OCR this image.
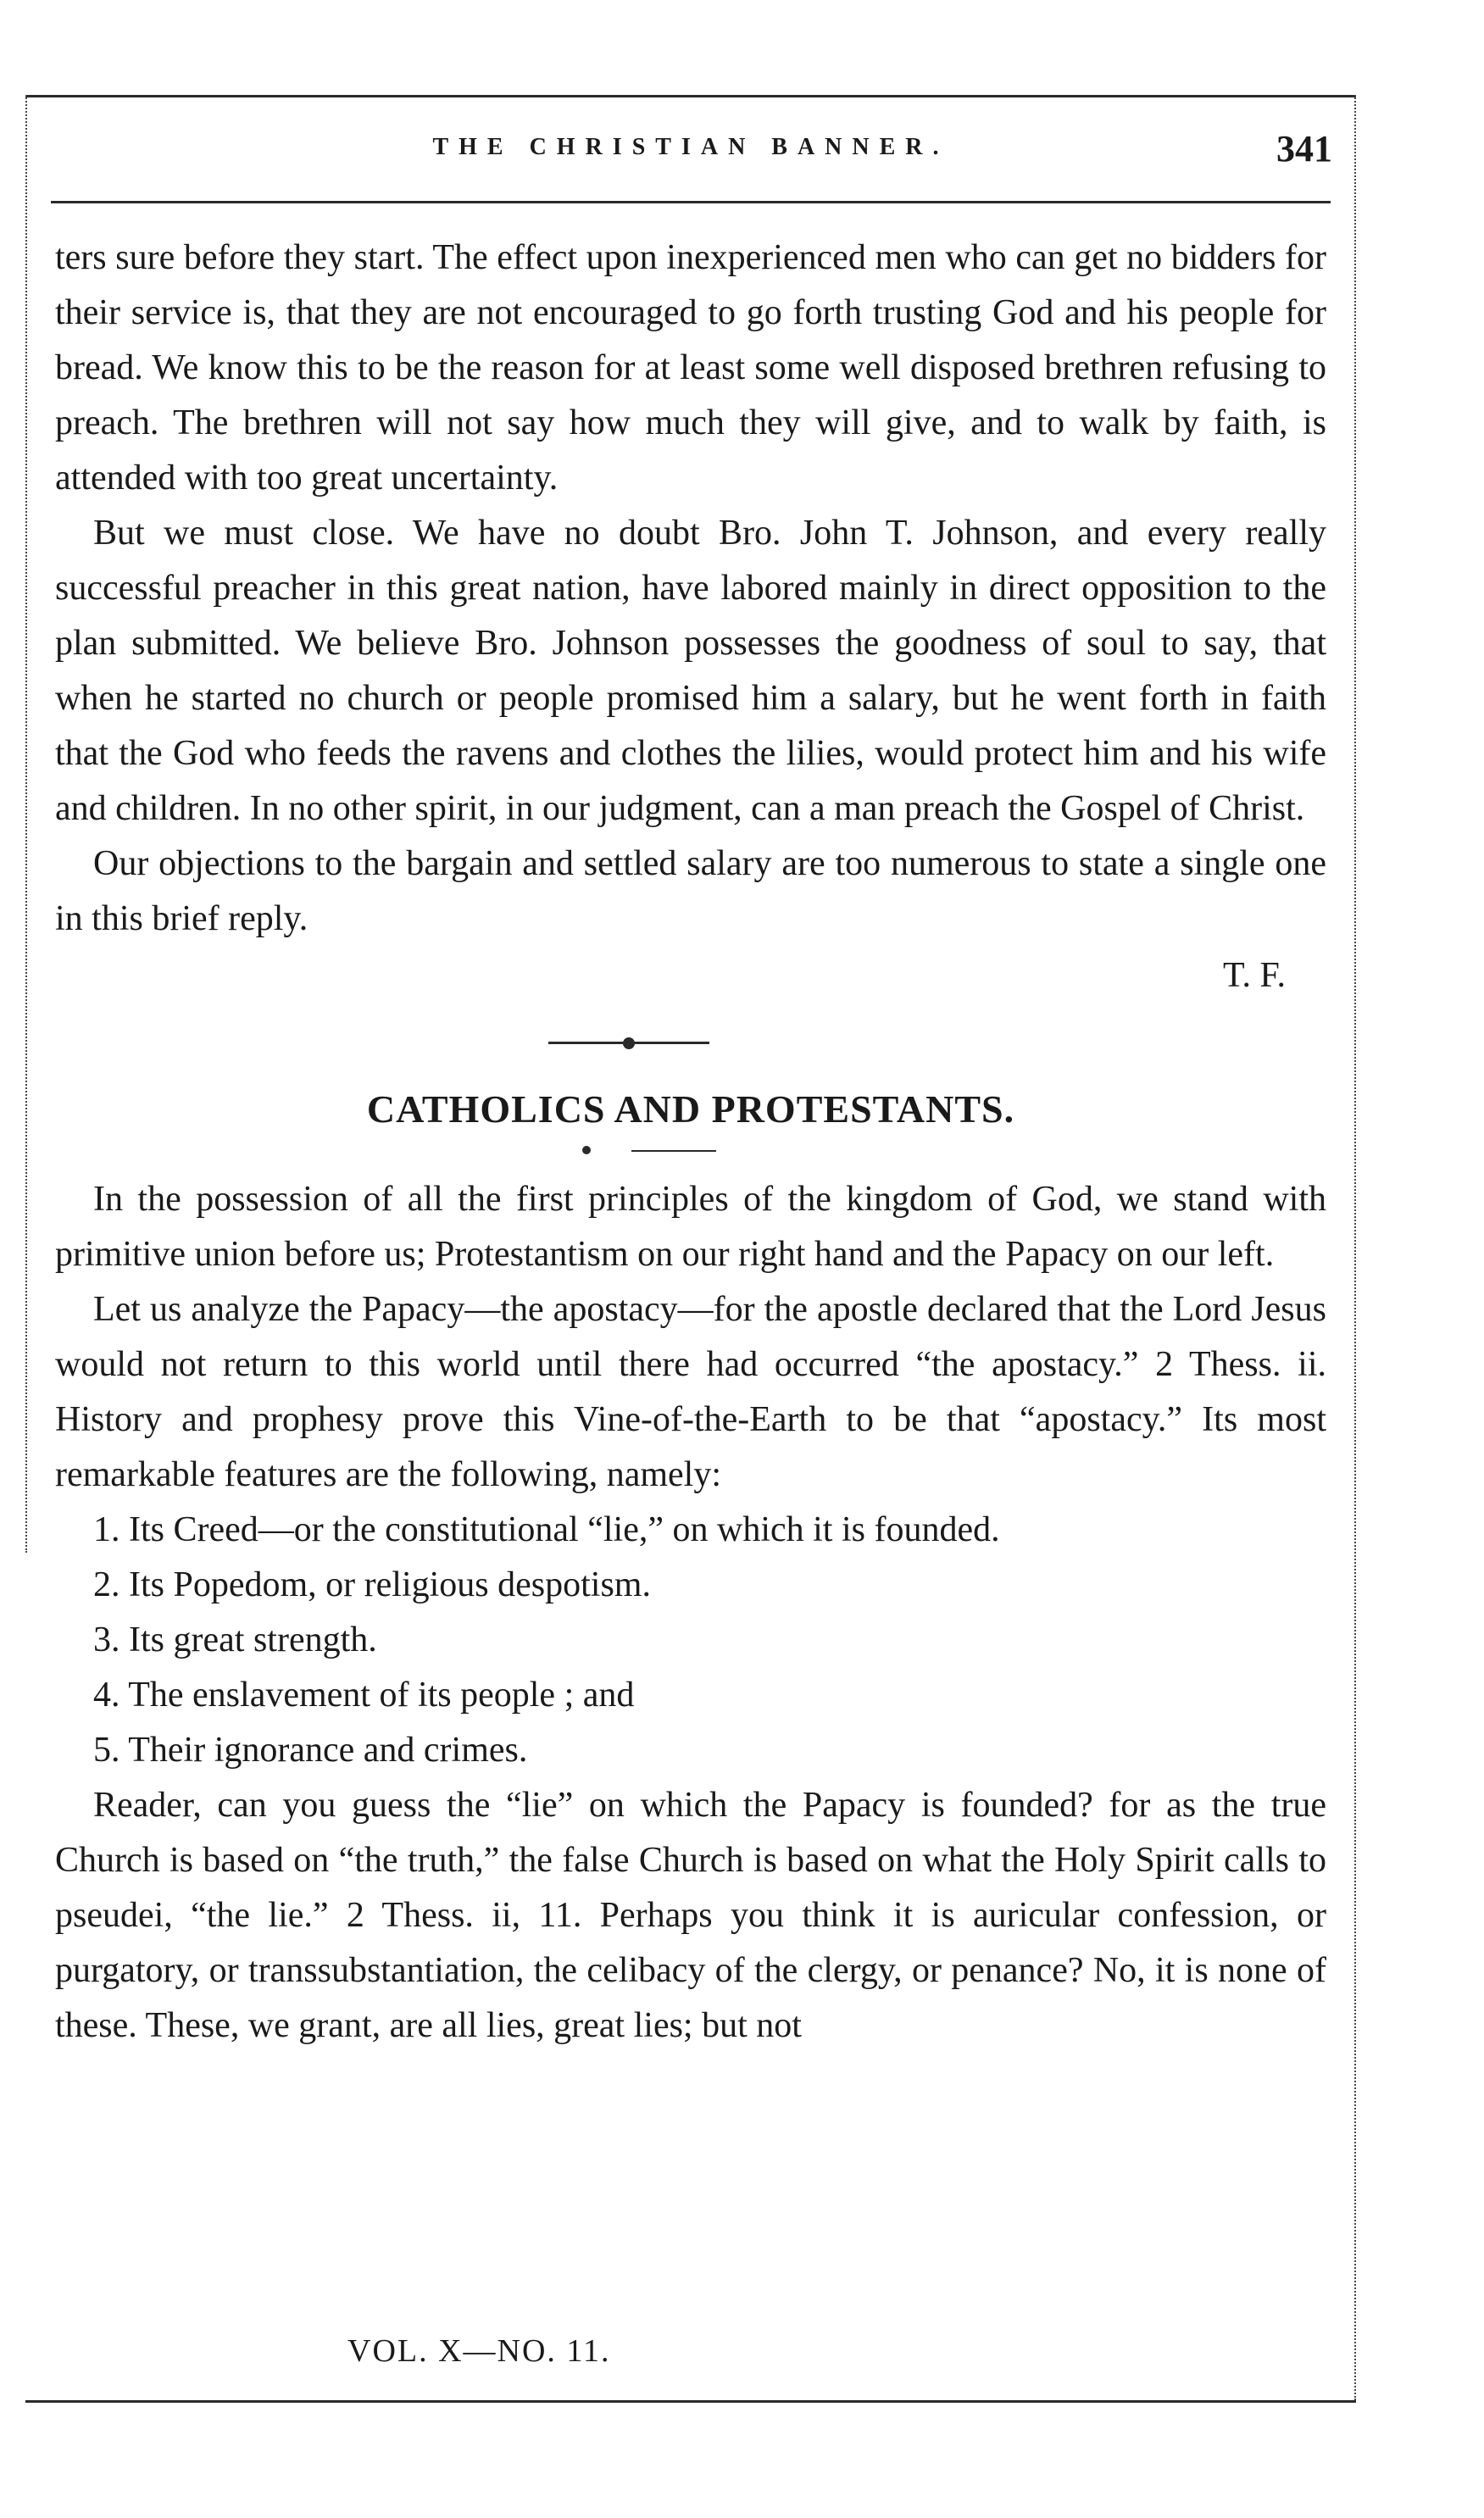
THE CHRISTIAN BANNER.	341

ters sure before they start. The effect upon inexperienced men who can get no bidders for their service is, that they are not encouraged to go forth trusting God and his people for bread. We know this to be the reason for at least some well disposed brethren refusing to preach. The brethren will not say how much they will give, and to walk by faith, is attended with too great uncertainty.

But we must close. We have no doubt Bro. John T. Johnson, and every really successful preacher in this great nation, have labored mainly in direct opposition to the plan submitted. We believe Bro. Johnson possesses the goodness of soul to say, that when he started no church or people promised him a salary, but he went forth in faith that the God who feeds the ravens and clothes the lilies, would protect him and his wife and children. In no other spirit, in our judgment, can a man preach the Gospel of Christ.

Our objections to the bargain and settled salary are too numerous to state a single one in this brief reply.

T. F.

CATHOLICS AND PROTESTANTS.

In the possession of all the first principles of the kingdom of God, we stand with primitive union before us; Protestantism on our right hand and the Papacy on our left.

Let us analyze the Papacy—the apostacy—for the apostle declared that the Lord Jesus would not return to this world until there had occurred “the apostacy.” 2 Thess. ii. History and prophesy prove this Vine-of-the-Earth to be that “apostacy.” Its most remarkable features are the following, namely:

1. Its Creed—or the constitutional “lie,” on which it is founded.
2. Its Popedom, or religious despotism.
3. Its great strength.
4. The enslavement of its people ; and
5. Their ignorance and crimes.

Reader, can you guess the “lie” on which the Papacy is founded? for as the true Church is based on “the truth,” the false Church is based on what the Holy Spirit calls to pseudei, “the lie.” 2 Thess. ii, 11. Perhaps you think it is auricular confession, or purgatory, or transsubstantiation, the celibacy of the clergy, or penance? No, it is none of these. These, we grant, are all lies, great lies; but not

VOL. X—NO. 11.
